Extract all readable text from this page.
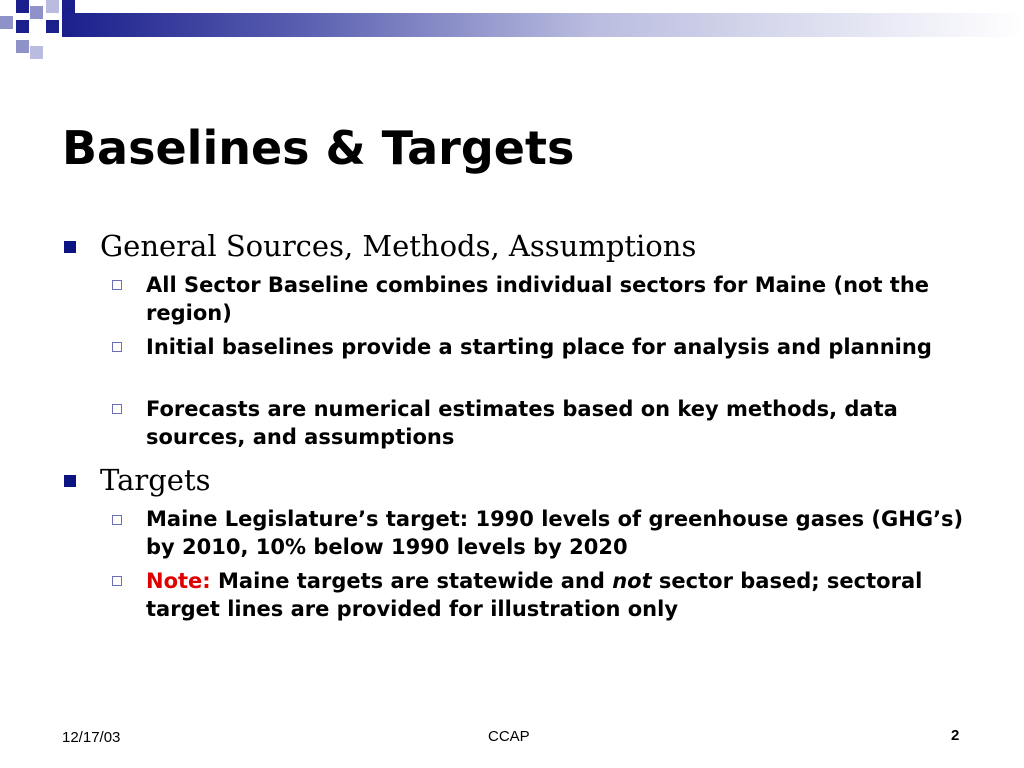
Baselines & Targets
General Sources, Methods, Assumptions
All Sector Baseline combines individual sectors for Maine (not the region)
Initial baselines provide a starting place for analysis and planning
Forecasts are numerical estimates based on key methods, data sources, and assumptions
Targets
Maine Legislature’s target: 1990 levels of greenhouse gases (GHG’s) by 2010, 10% below 1990 levels by 2020
Note: Maine targets are statewide and not sector based; sectoral target lines are provided for illustration only
12/17/03	CCAP	2
